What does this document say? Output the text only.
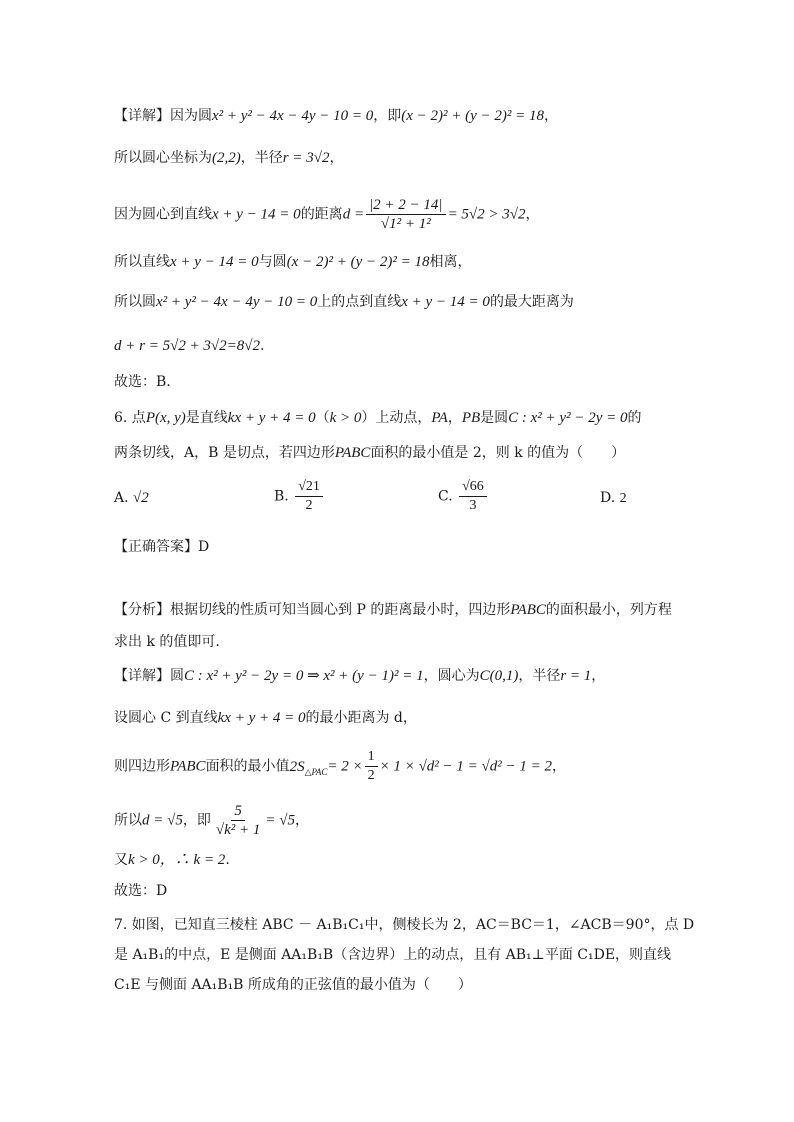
【详解】因为圆x² + y² − 4x − 4y − 10 = 0，即(x − 2)² + (y − 2)² = 18，
所以圆心坐标为(2,2)，半径r = 3√2，
因为圆心到直线x + y − 14 = 0的距离$d = \frac{|2 + 2 - 14|}{\text{√1² + 1²}} = 5√2 > 3√2$，
所以直线x + y − 14 = 0与圆(x − 2)² + (y − 2)² = 18相离，
所以圆x² + y² − 4x − 4y − 10 = 0上的点到直线x + y − 14 = 0的最大距离为
d + r = 5√2 + 3√2=8√2.
故选：B.
6. 点P(x, y)是直线kx + y + 4 = 0（k > 0）上动点，PA，PB是圆C : x² + y² − 2y = 0的
两条切线，A，B 是切点，若四边形PABC面积的最小值是 2，则 k 的值为（　　）
A. √2	B. $\frac{√21}{2}$	C. $\frac{√66}{3}$	D. 2
【正确答案】D
【分析】根据切线的性质可知当圆心到 P 的距离最小时，四边形PABC的面积最小，列方程
求出 k 的值即可.
【详解】圆C : x² + y² − 2y = 0 ⇒ x² + (y − 1)² = 1，圆心为C(0,1)，半径r = 1，
设圆心 C 到直线kx + y + 4 = 0的最小距离为 d，
则四边形PABC面积的最小值$2S_{\triangle PAC}= 2 \times \frac{1}{2} \times 1 \times √d^2 - 1 = √d^2 - 1 = 2$，
所以d = √5，即 $\frac{5}{\text{√k² + 1}} = √5$，
又k > 0，∴ k = 2.
故选：D
7. 如图，已知直三棱柱 ABC － A₁B₁C₁中，侧棱长为 2，AC＝BC＝1，∠ACB＝90°，点 D
是 A₁B₁的中点，E 是侧面 AA₁B₁B（含边界）上的动点，且有 AB₁⊥平面 C₁DE，则直线
C₁E 与侧面 AA₁B₁B 所成角的正弦值的最小值为（　　）
